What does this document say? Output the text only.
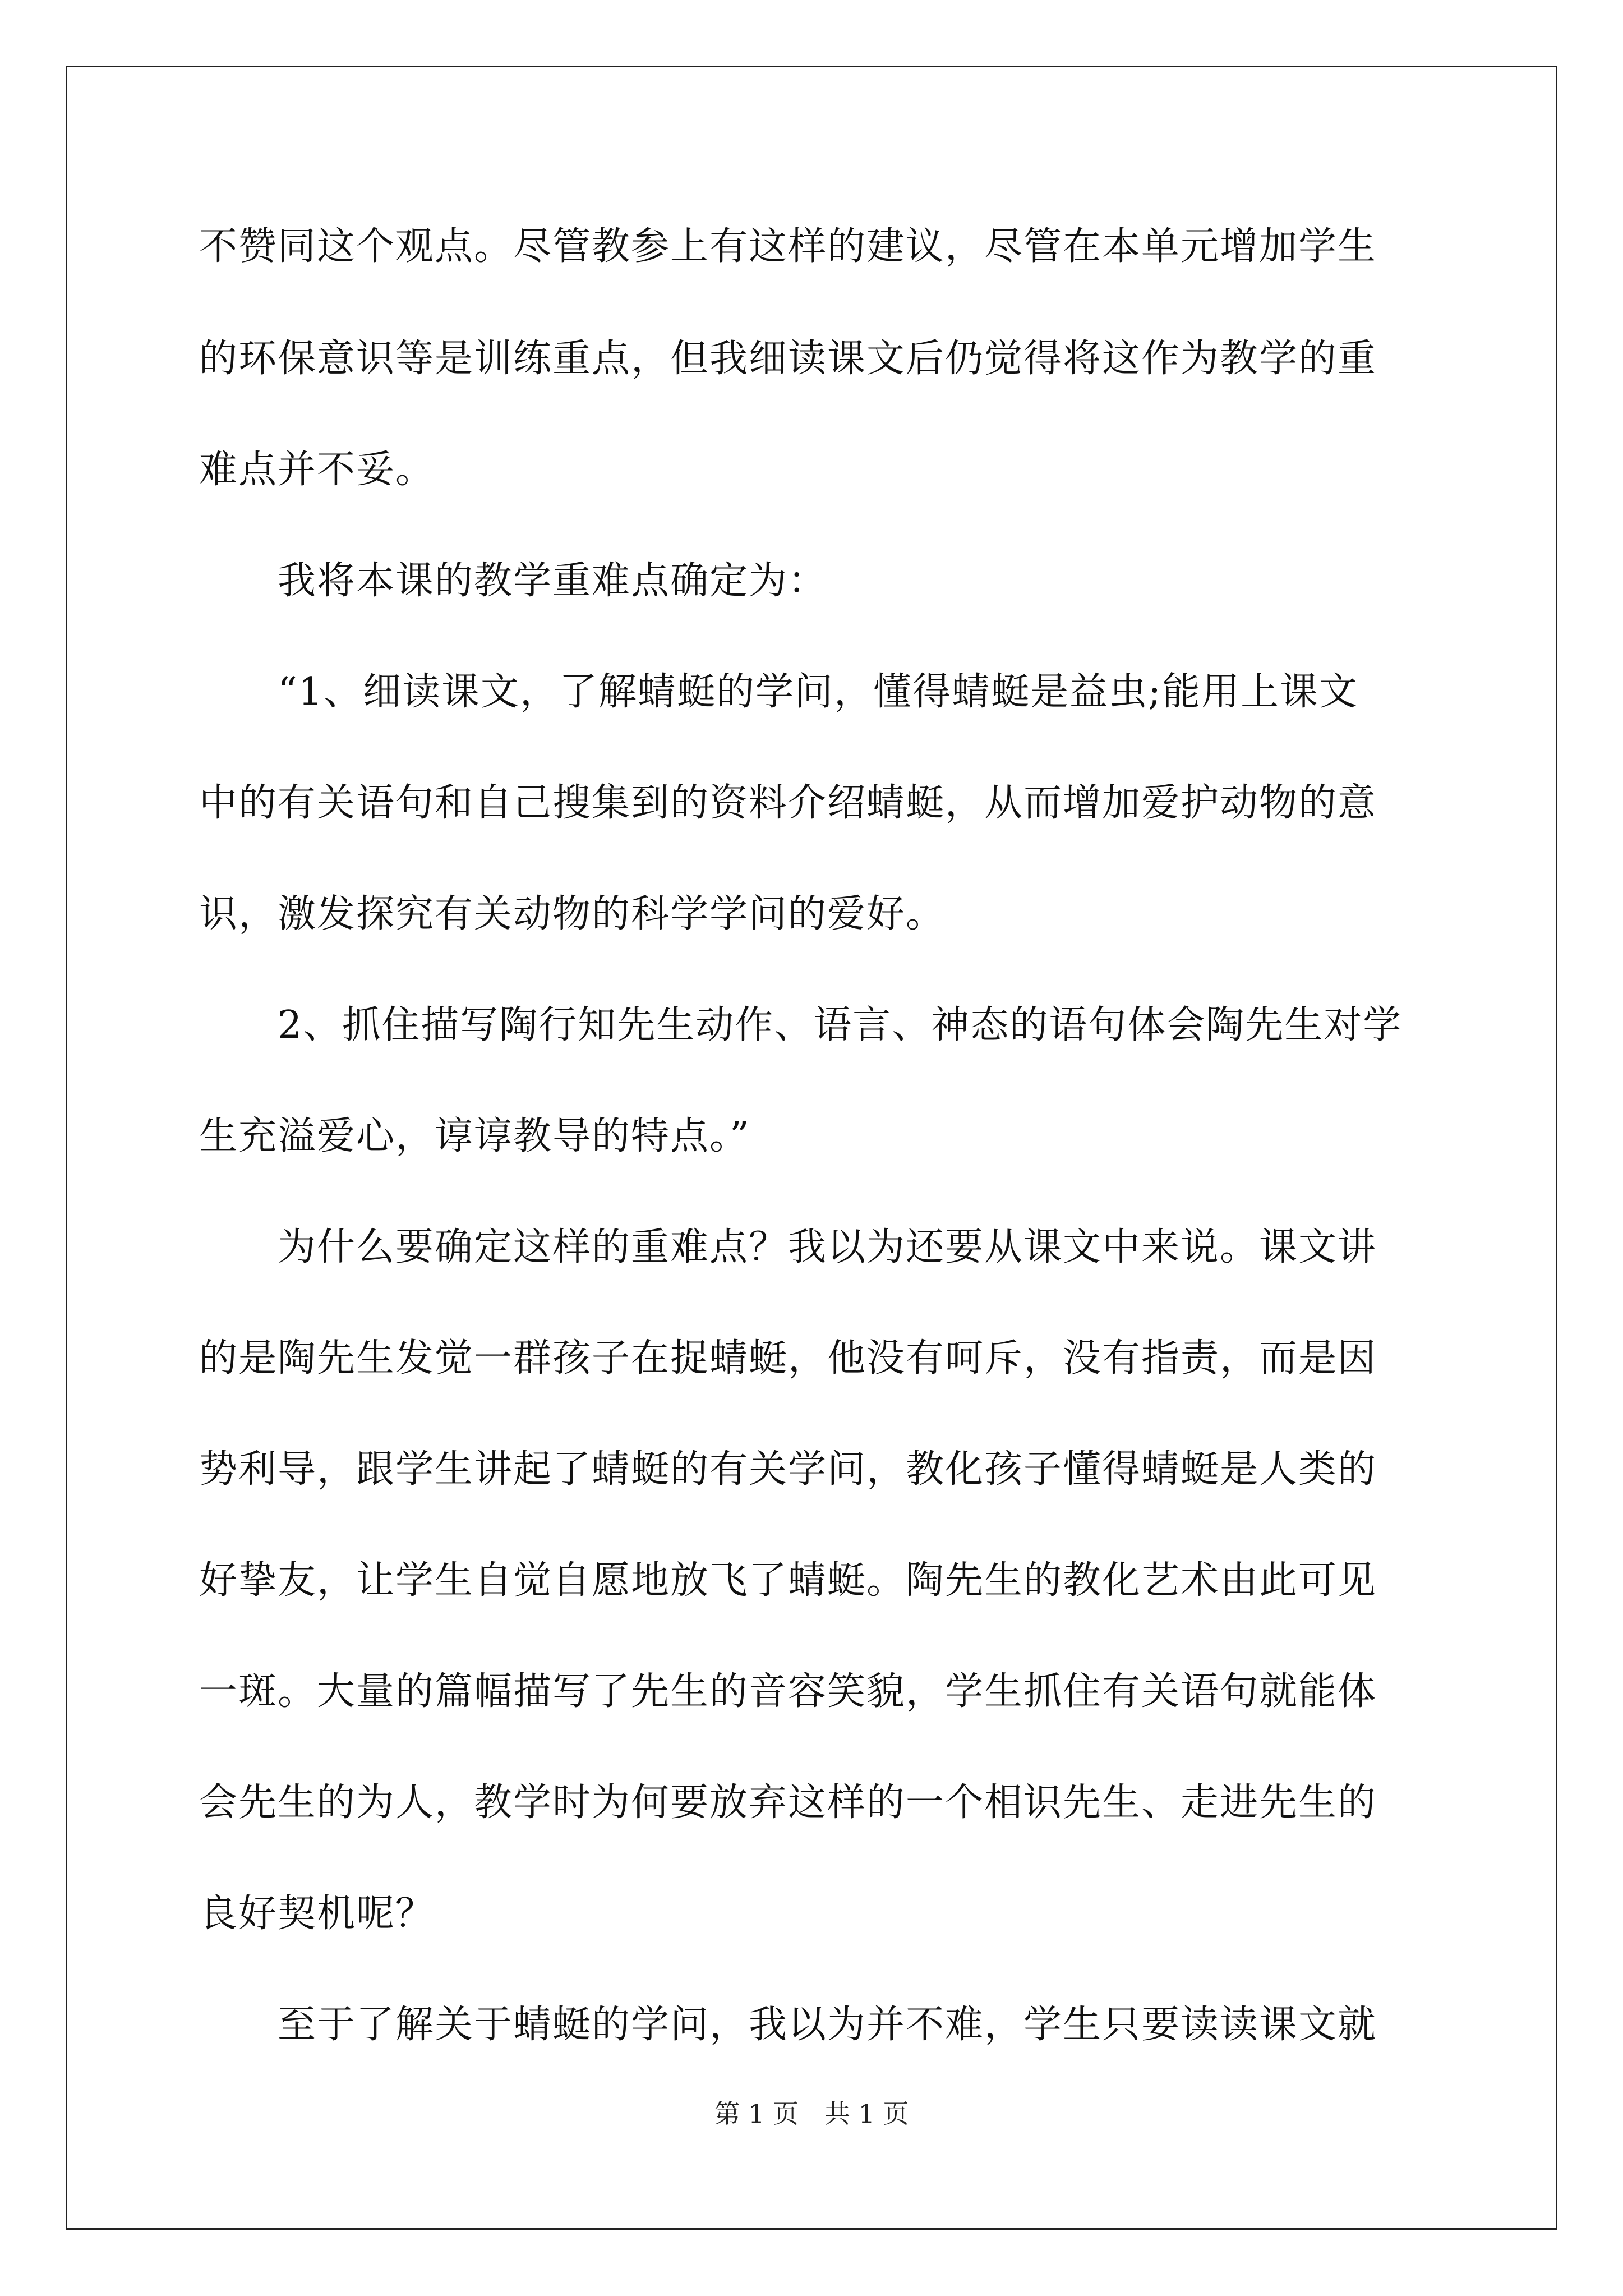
不赞同这个观点。尽管教参上有这样的建议，尽管在本单元增加学生
的环保意识等是训练重点，但我细读课文后仍觉得将这作为教学的重
难点并不妥。
　　我将本课的教学重难点确定为：
　　“1、细读课文，了解蜻蜓的学问，懂得蜻蜓是益虫;能用上课文
中的有关语句和自己搜集到的资料介绍蜻蜓，从而增加爱护动物的意
识，激发探究有关动物的科学学问的爱好。
　　2、抓住描写陶行知先生动作、语言、神态的语句体会陶先生对学
生充溢爱心，谆谆教导的特点。”
　　为什么要确定这样的重难点？我以为还要从课文中来说。课文讲
的是陶先生发觉一群孩子在捉蜻蜓，他没有呵斥，没有指责，而是因
势利导，跟学生讲起了蜻蜓的有关学问，教化孩子懂得蜻蜓是人类的
好挚友，让学生自觉自愿地放飞了蜻蜓。陶先生的教化艺术由此可见
一斑。大量的篇幅描写了先生的音容笑貌，学生抓住有关语句就能体
会先生的为人，教学时为何要放弃这样的一个相识先生、走进先生的
良好契机呢？
　　至于了解关于蜻蜓的学问，我以为并不难，学生只要读读课文就
第 1 页　共 1 页
